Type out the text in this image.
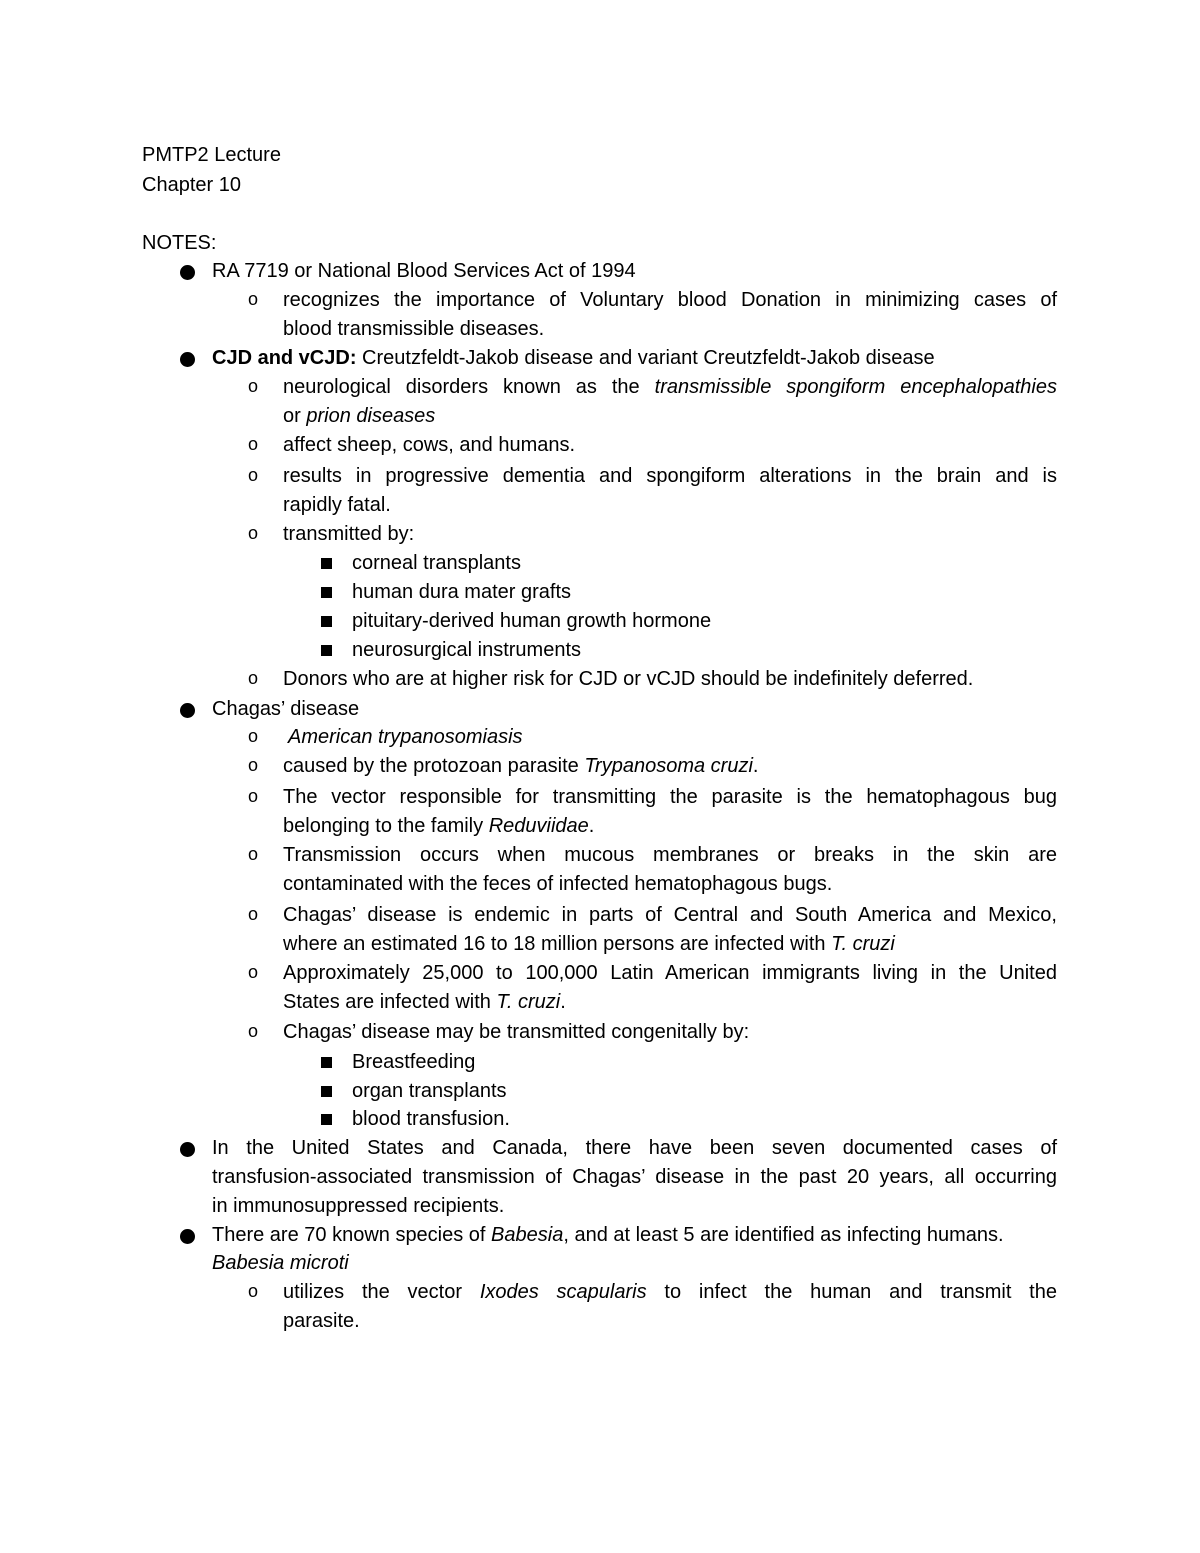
PMTP2 Lecture
Chapter 10
NOTES:
RA 7719 or National Blood Services Act of 1994
o recognizes the importance of Voluntary blood Donation in minimizing cases of
blood transmissible diseases.
CJD and vCJD: Creutzfeldt-Jakob disease and variant Creutzfeldt-Jakob disease
o neurological disorders known as the transmissible spongiform encephalopathies
or prion diseases
o affect sheep, cows, and humans.
o results in progressive dementia and spongiform alterations in the brain and is
rapidly fatal.
o transmitted by:
corneal transplants
human dura mater grafts
pituitary-derived human growth hormone
neurosurgical instruments
o Donors who are at higher risk for CJD or vCJD should be indefinitely deferred.
Chagas’ disease
o American trypanosomiasis
o caused by the protozoan parasite Trypanosoma cruzi.
o The vector responsible for transmitting the parasite is the hematophagous bug
belonging to the family Reduviidae.
o Transmission occurs when mucous membranes or breaks in the skin are
contaminated with the feces of infected hematophagous bugs.
o Chagas’ disease is endemic in parts of Central and South America and Mexico,
where an estimated 16 to 18 million persons are infected with T. cruzi
o Approximately 25,000 to 100,000 Latin American immigrants living in the United
States are infected with T. cruzi.
o Chagas’ disease may be transmitted congenitally by:
Breastfeeding
organ transplants
blood transfusion.
In the United States and Canada, there have been seven documented cases of
transfusion-associated transmission of Chagas’ disease in the past 20 years, all occurring
in immunosuppressed recipients.
There are 70 known species of Babesia, and at least 5 are identified as infecting humans.
Babesia microti
o utilizes the vector Ixodes scapularis to infect the human and transmit the
parasite.
